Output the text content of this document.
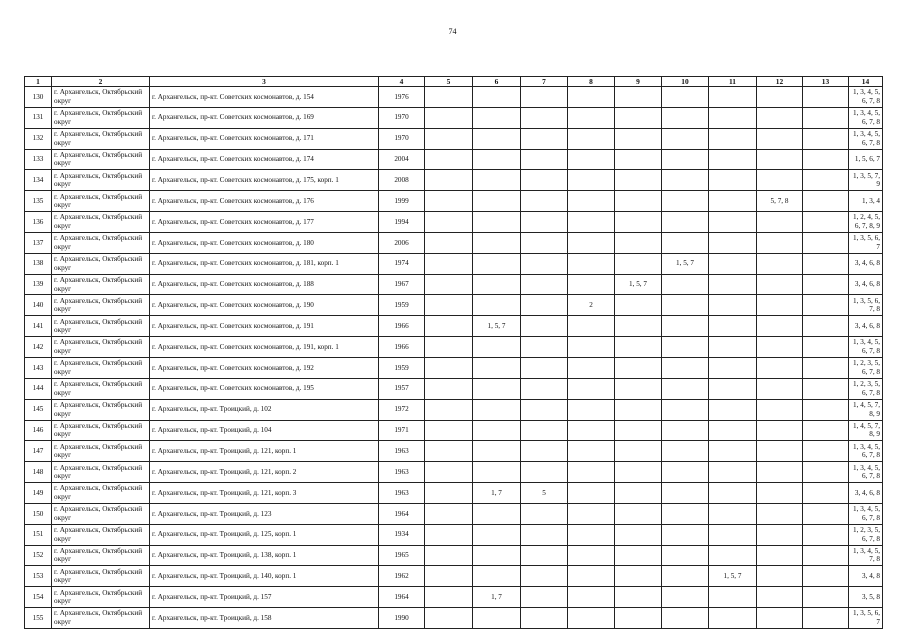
74
1	2	3	4	5	6	7	8	9	10	11	12	13	14
130	г. Архангельск, Октябрьский округ	г. Архангельск, пр-кт. Советских космонавтов, д. 154	1976										1, 3, 4, 5, 6, 7, 8
131	г. Архангельск, Октябрьский округ	г. Архангельск, пр-кт. Советских космонавтов, д. 169	1970										1, 3, 4, 5, 6, 7, 8
132	г. Архангельск, Октябрьский округ	г. Архангельск, пр-кт. Советских космонавтов, д. 171	1970										1, 3, 4, 5, 6, 7, 8
133	г. Архангельск, Октябрьский округ	г. Архангельск, пр-кт. Советских космонавтов, д. 174	2004										1, 5, 6, 7
134	г. Архангельск, Октябрьский округ	г. Архангельск, пр-кт. Советских космонавтов, д. 175, корп. 1	2008										1, 3, 5, 7, 9
135	г. Архангельск, Октябрьский округ	г. Архангельск, пр-кт. Советских космонавтов, д. 176	1999								5, 7, 8		1, 3, 4
136	г. Архангельск, Октябрьский округ	г. Архангельск, пр-кт. Советских космонавтов, д. 177	1994										1, 2, 4, 5, 6, 7, 8, 9
137	г. Архангельск, Октябрьский округ	г. Архангельск, пр-кт. Советских космонавтов, д. 180	2006										1, 3, 5, 6, 7
138	г. Архангельск, Октябрьский округ	г. Архангельск, пр-кт. Советских космонавтов, д. 181, корп. 1	1974						1, 5, 7				3, 4, 6, 8
139	г. Архангельск, Октябрьский округ	г. Архангельск, пр-кт. Советских космонавтов, д. 188	1967					1, 5, 7					3, 4, 6, 8
140	г. Архангельск, Октябрьский округ	г. Архангельск, пр-кт. Советских космонавтов, д. 190	1959				2						1, 3, 5, 6, 7, 8
141	г. Архангельск, Октябрьский округ	г. Архангельск, пр-кт. Советских космонавтов, д. 191	1966		1, 5, 7								3, 4, 6, 8
142	г. Архангельск, Октябрьский округ	г. Архангельск, пр-кт. Советских космонавтов, д. 191, корп. 1	1966										1, 3, 4, 5, 6, 7, 8
143	г. Архангельск, Октябрьский округ	г. Архангельск, пр-кт. Советских космонавтов, д. 192	1959										1, 2, 3, 5, 6, 7, 8
144	г. Архангельск, Октябрьский округ	г. Архангельск, пр-кт. Советских космонавтов, д. 195	1957										1, 2, 3, 5, 6, 7, 8
145	г. Архангельск, Октябрьский округ	г. Архангельск, пр-кт. Троицкий, д. 102	1972										1, 4, 5, 7, 8, 9
146	г. Архангельск, Октябрьский округ	г. Архангельск, пр-кт. Троицкий, д. 104	1971										1, 4, 5, 7, 8, 9
147	г. Архангельск, Октябрьский округ	г. Архангельск, пр-кт. Троицкий, д. 121, корп. 1	1963										1, 3, 4, 5, 6, 7, 8
148	г. Архангельск, Октябрьский округ	г. Архангельск, пр-кт. Троицкий, д. 121, корп. 2	1963										1, 3, 4, 5, 6, 7, 8
149	г. Архангельск, Октябрьский округ	г. Архангельск, пр-кт. Троицкий, д. 121, корп. 3	1963		1, 7	5							3, 4, 6, 8
150	г. Архангельск, Октябрьский округ	г. Архангельск, пр-кт. Троицкий, д. 123	1964										1, 3, 4, 5, 6, 7, 8
151	г. Архангельск, Октябрьский округ	г. Архангельск, пр-кт. Троицкий, д. 125, корп. 1	1934										1, 2, 3, 5, 6, 7, 8
152	г. Архангельск, Октябрьский округ	г. Архангельск, пр-кт. Троицкий, д. 138, корп. 1	1965										1, 3, 4, 5, 7, 8
153	г. Архангельск, Октябрьский округ	г. Архангельск, пр-кт. Троицкий, д. 140, корп. 1	1962							1, 5, 7			3, 4, 8
154	г. Архангельск, Октябрьский округ	г. Архангельск, пр-кт. Троицкий, д. 157	1964		1, 7								3, 5, 8
155	г. Архангельск, Октябрьский округ	г. Архангельск, пр-кт. Троицкий, д. 158	1990										1, 3, 5, 6, 7
